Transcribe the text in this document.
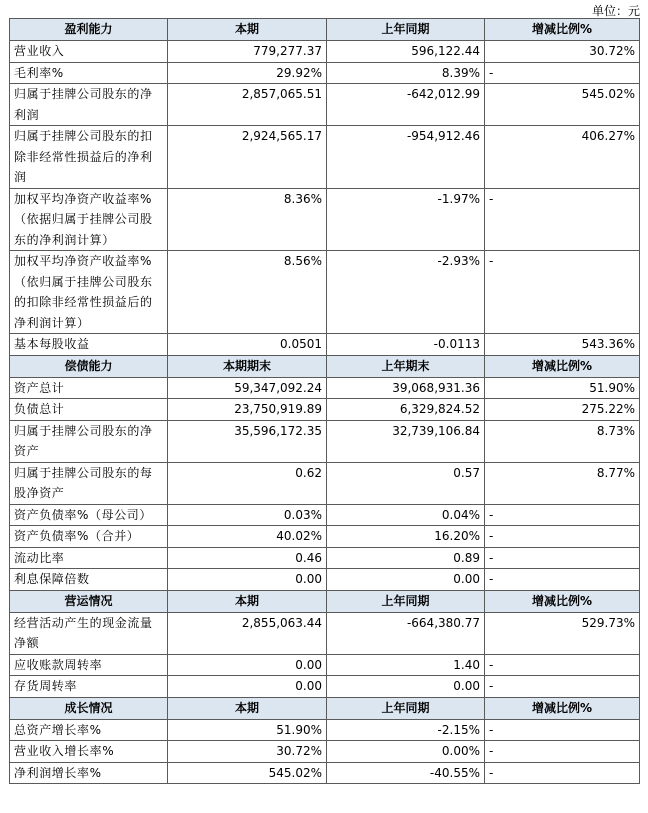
单位：元
盈利能力	本期	上年同期	增减比例%
营业收入	779,277.37	596,122.44	30.72%
毛利率%	29.92%	8.39%	-
归属于挂牌公司股东的净利润	2,857,065.51	-642,012.99	545.02%
归属于挂牌公司股东的扣除非经常性损益后的净利润	2,924,565.17	-954,912.46	406.27%
加权平均净资产收益率%（依据归属于挂牌公司股东的净利润计算）	8.36%	-1.97%	-
加权平均净资产收益率%（依归属于挂牌公司股东的扣除非经常性损益后的净利润计算）	8.56%	-2.93%	-
基本每股收益	0.0501	-0.0113	543.36%
偿债能力	本期期末	上年期末	增减比例%
资产总计	59,347,092.24	39,068,931.36	51.90%
负债总计	23,750,919.89	6,329,824.52	275.22%
归属于挂牌公司股东的净资产	35,596,172.35	32,739,106.84	8.73%
归属于挂牌公司股东的每股净资产	0.62	0.57	8.77%
资产负债率%（母公司）	0.03%	0.04%	-
资产负债率%（合并）	40.02%	16.20%	-
流动比率	0.46	0.89	-
利息保障倍数	0.00	0.00	-
营运情况	本期	上年同期	增减比例%
经营活动产生的现金流量净额	2,855,063.44	-664,380.77	529.73%
应收账款周转率	0.00	1.40	-
存货周转率	0.00	0.00	-
成长情况	本期	上年同期	增减比例%
总资产增长率%	51.90%	-2.15%	-
营业收入增长率%	30.72%	0.00%	-
净利润增长率%	545.02%	-40.55%	-
